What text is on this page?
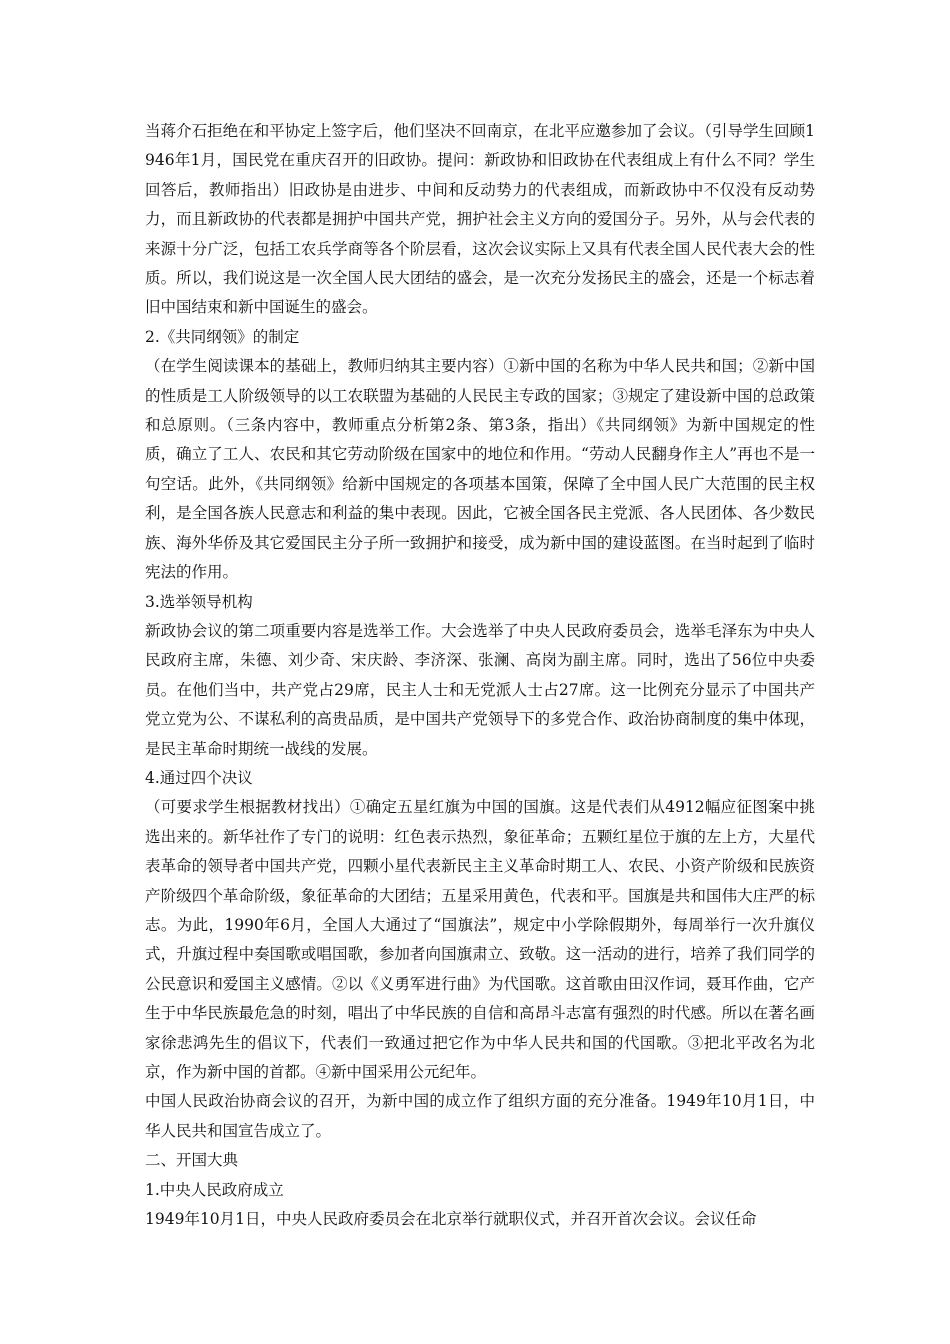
当蒋介石拒绝在和平协定上签字后，他们坚决不回南京，在北平应邀参加了会议。（引导学生回顾1946年1月，国民党在重庆召开的旧政协。提问：新政协和旧政协在代表组成上有什么不同？学生回答后，教师指出）旧政协是由进步、中间和反动势力的代表组成，而新政协中不仅没有反动势力，而且新政协的代表都是拥护中国共产党，拥护社会主义方向的爱国分子。另外，从与会代表的来源十分广泛，包括工农兵学商等各个阶层看，这次会议实际上又具有代表全国人民代表大会的性质。所以，我们说这是一次全国人民大团结的盛会，是一次充分发扬民主的盛会，还是一个标志着旧中国结束和新中国诞生的盛会。

2.《共同纲领》的制定

（在学生阅读课本的基础上，教师归纳其主要内容）①新中国的名称为中华人民共和国；②新中国的性质是工人阶级领导的以工农联盟为基础的人民民主专政的国家；③规定了建设新中国的总政策和总原则。（三条内容中，教师重点分析第2条、第3条，指出）《共同纲领》为新中国规定的性质，确立了工人、农民和其它劳动阶级在国家中的地位和作用。“劳动人民翻身作主人”再也不是一句空话。此外，《共同纲领》给新中国规定的各项基本国策，保障了全中国人民广大范围的民主权利，是全国各族人民意志和利益的集中表现。因此，它被全国各民主党派、各人民团体、各少数民族、海外华侨及其它爱国民主分子所一致拥护和接受，成为新中国的建设蓝图。在当时起到了临时宪法的作用。

3.选举领导机构

新政协会议的第二项重要内容是选举工作。大会选举了中央人民政府委员会，选举毛泽东为中央人民政府主席，朱德、刘少奇、宋庆龄、李济深、张澜、高岗为副主席。同时，选出了56位中央委员。在他们当中，共产党占29席，民主人士和无党派人士占27席。这一比例充分显示了中国共产党立党为公、不谋私利的高贵品质，是中国共产党领导下的多党合作、政治协商制度的集中体现，是民主革命时期统一战线的发展。

4.通过四个决议

（可要求学生根据教材找出）①确定五星红旗为中国的国旗。这是代表们从4912幅应征图案中挑选出来的。新华社作了专门的说明：红色表示热烈，象征革命；五颗红星位于旗的左上方，大星代表革命的领导者中国共产党，四颗小星代表新民主主义革命时期工人、农民、小资产阶级和民族资产阶级四个革命阶级，象征革命的大团结；五星采用黄色，代表和平。国旗是共和国伟大庄严的标志。为此，1990年6月，全国人大通过了“国旗法”，规定中小学除假期外，每周举行一次升旗仪式，升旗过程中奏国歌或唱国歌，参加者向国旗肃立、致敬。这一活动的进行，培养了我们同学的公民意识和爱国主义感情。②以《义勇军进行曲》为代国歌。这首歌由田汉作词，聂耳作曲，它产生于中华民族最危急的时刻，唱出了中华民族的自信和高昂斗志富有强烈的时代感。所以在著名画家徐悲鸿先生的倡议下，代表们一致通过把它作为中华人民共和国的代国歌。③把北平改名为北京，作为新中国的首都。④新中国采用公元纪年。

中国人民政治协商会议的召开，为新中国的成立作了组织方面的充分准备。1949年10月1日，中华人民共和国宣告成立了。

二、开国大典

1.中央人民政府成立

1949年10月1日，中央人民政府委员会在北京举行就职仪式，并召开首次会议。会议任命
